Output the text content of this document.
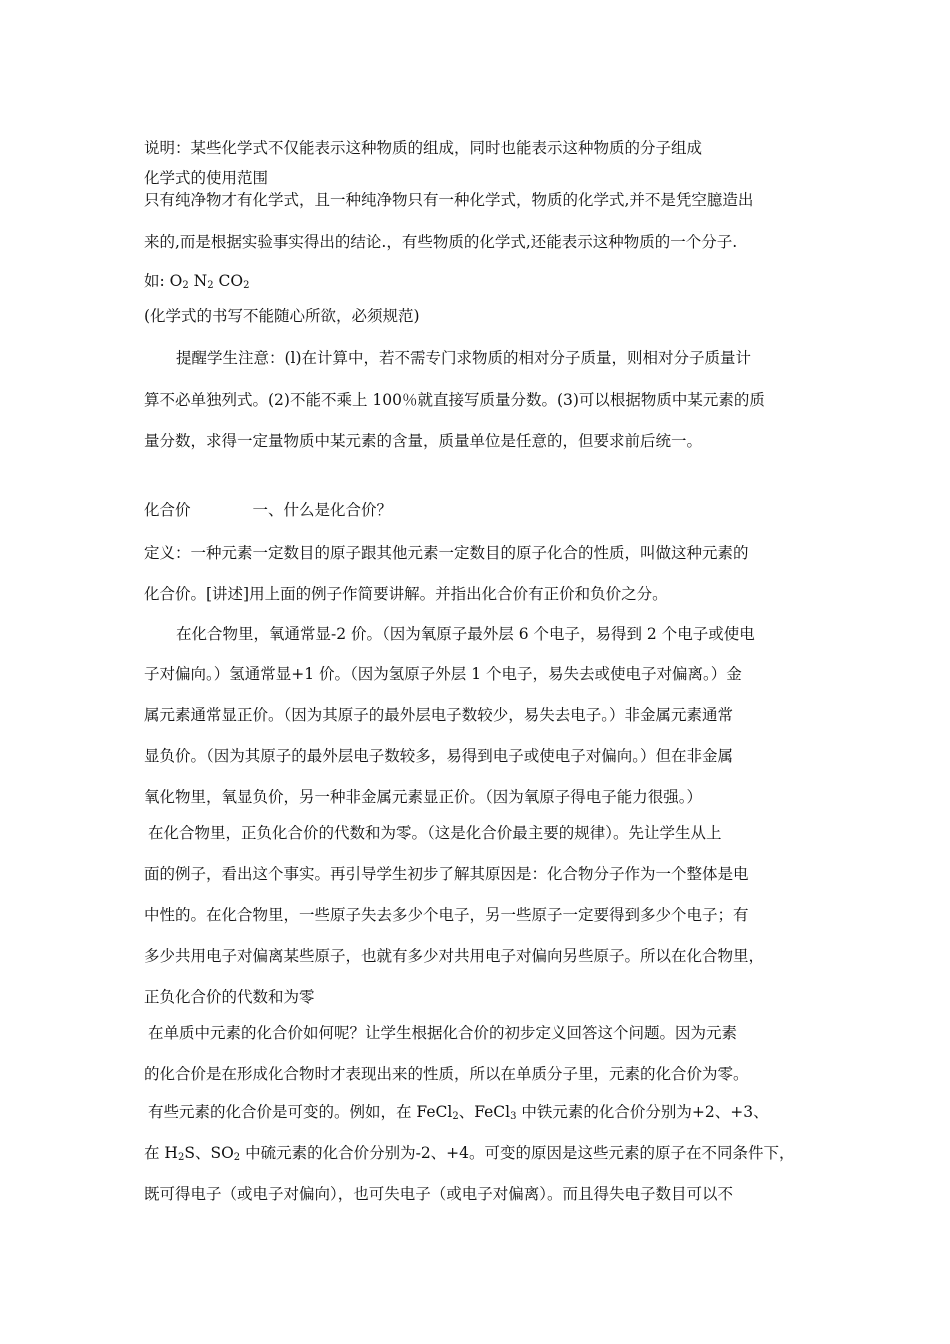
说明：某些化学式不仅能表示这种物质的组成，同时也能表示这种物质的分子组成
化学式的使用范围
只有纯净物才有化学式，且一种纯净物只有一种化学式，物质的化学式,并不是凭空臆造出
来的,而是根据实验事实得出的结论.，有些物质的化学式,还能表示这种物质的一个分子.
如: $O_2$ $N_2$ $CO_2$
(化学式的书写不能随心所欲，必须规范)
提醒学生注意：(l)在计算中，若不需专门求物质的相对分子质量，则相对分子质量计
算不必单独列式。(2)不能不乘上 100％就直接写质量分数。(3)可以根据物质中某元素的质
量分数，求得一定量物质中某元素的含量，质量单位是任意的，但要求前后统一。
化合价	一、什么是化合价？
定义：一种元素一定数目的原子跟其他元素一定数目的原子化合的性质，叫做这种元素的
化合价。[讲述]用上面的例子作简要讲解。并指出化合价有正价和负价之分。
在化合物里，氧通常显-2 价。（因为氧原子最外层 6 个电子，易得到 2 个电子或使电
子对偏向。）氢通常显+1 价。（因为氢原子外层 1 个电子，易失去或使电子对偏离。）金
属元素通常显正价。（因为其原子的最外层电子数较少，易失去电子。）非金属元素通常
显负价。（因为其原子的最外层电子数较多，易得到电子或使电子对偏向。）但在非金属
氧化物里，氧显负价，另一种非金属元素显正价。（因为氧原子得电子能力很强。）
在化合物里，正负化合价的代数和为零。（这是化合价最主要的规律）。先让学生从上
面的例子，看出这个事实。再引导学生初步了解其原因是：化合物分子作为一个整体是电
中性的。在化合物里，一些原子失去多少个电子，另一些原子一定要得到多少个电子；有
多少共用电子对偏离某些原子，也就有多少对共用电子对偏向另些原子。所以在化合物里，
正负化合价的代数和为零
在单质中元素的化合价如何呢？让学生根据化合价的初步定义回答这个问题。因为元素
的化合价是在形成化合物时才表现出来的性质，所以在单质分子里，元素的化合价为零。
有些元素的化合价是可变的。例如，在 FeCl$_2$、FeCl$_3$ 中铁元素的化合价分别为+2、+3、
在 $H_2S$、$SO_2$ 中硫元素的化合价分别为-2、+4。可变的原因是这些元素的原子在不同条件下，
既可得电子（或电子对偏向），也可失电子（或电子对偏离）。而且得失电子数目可以不
